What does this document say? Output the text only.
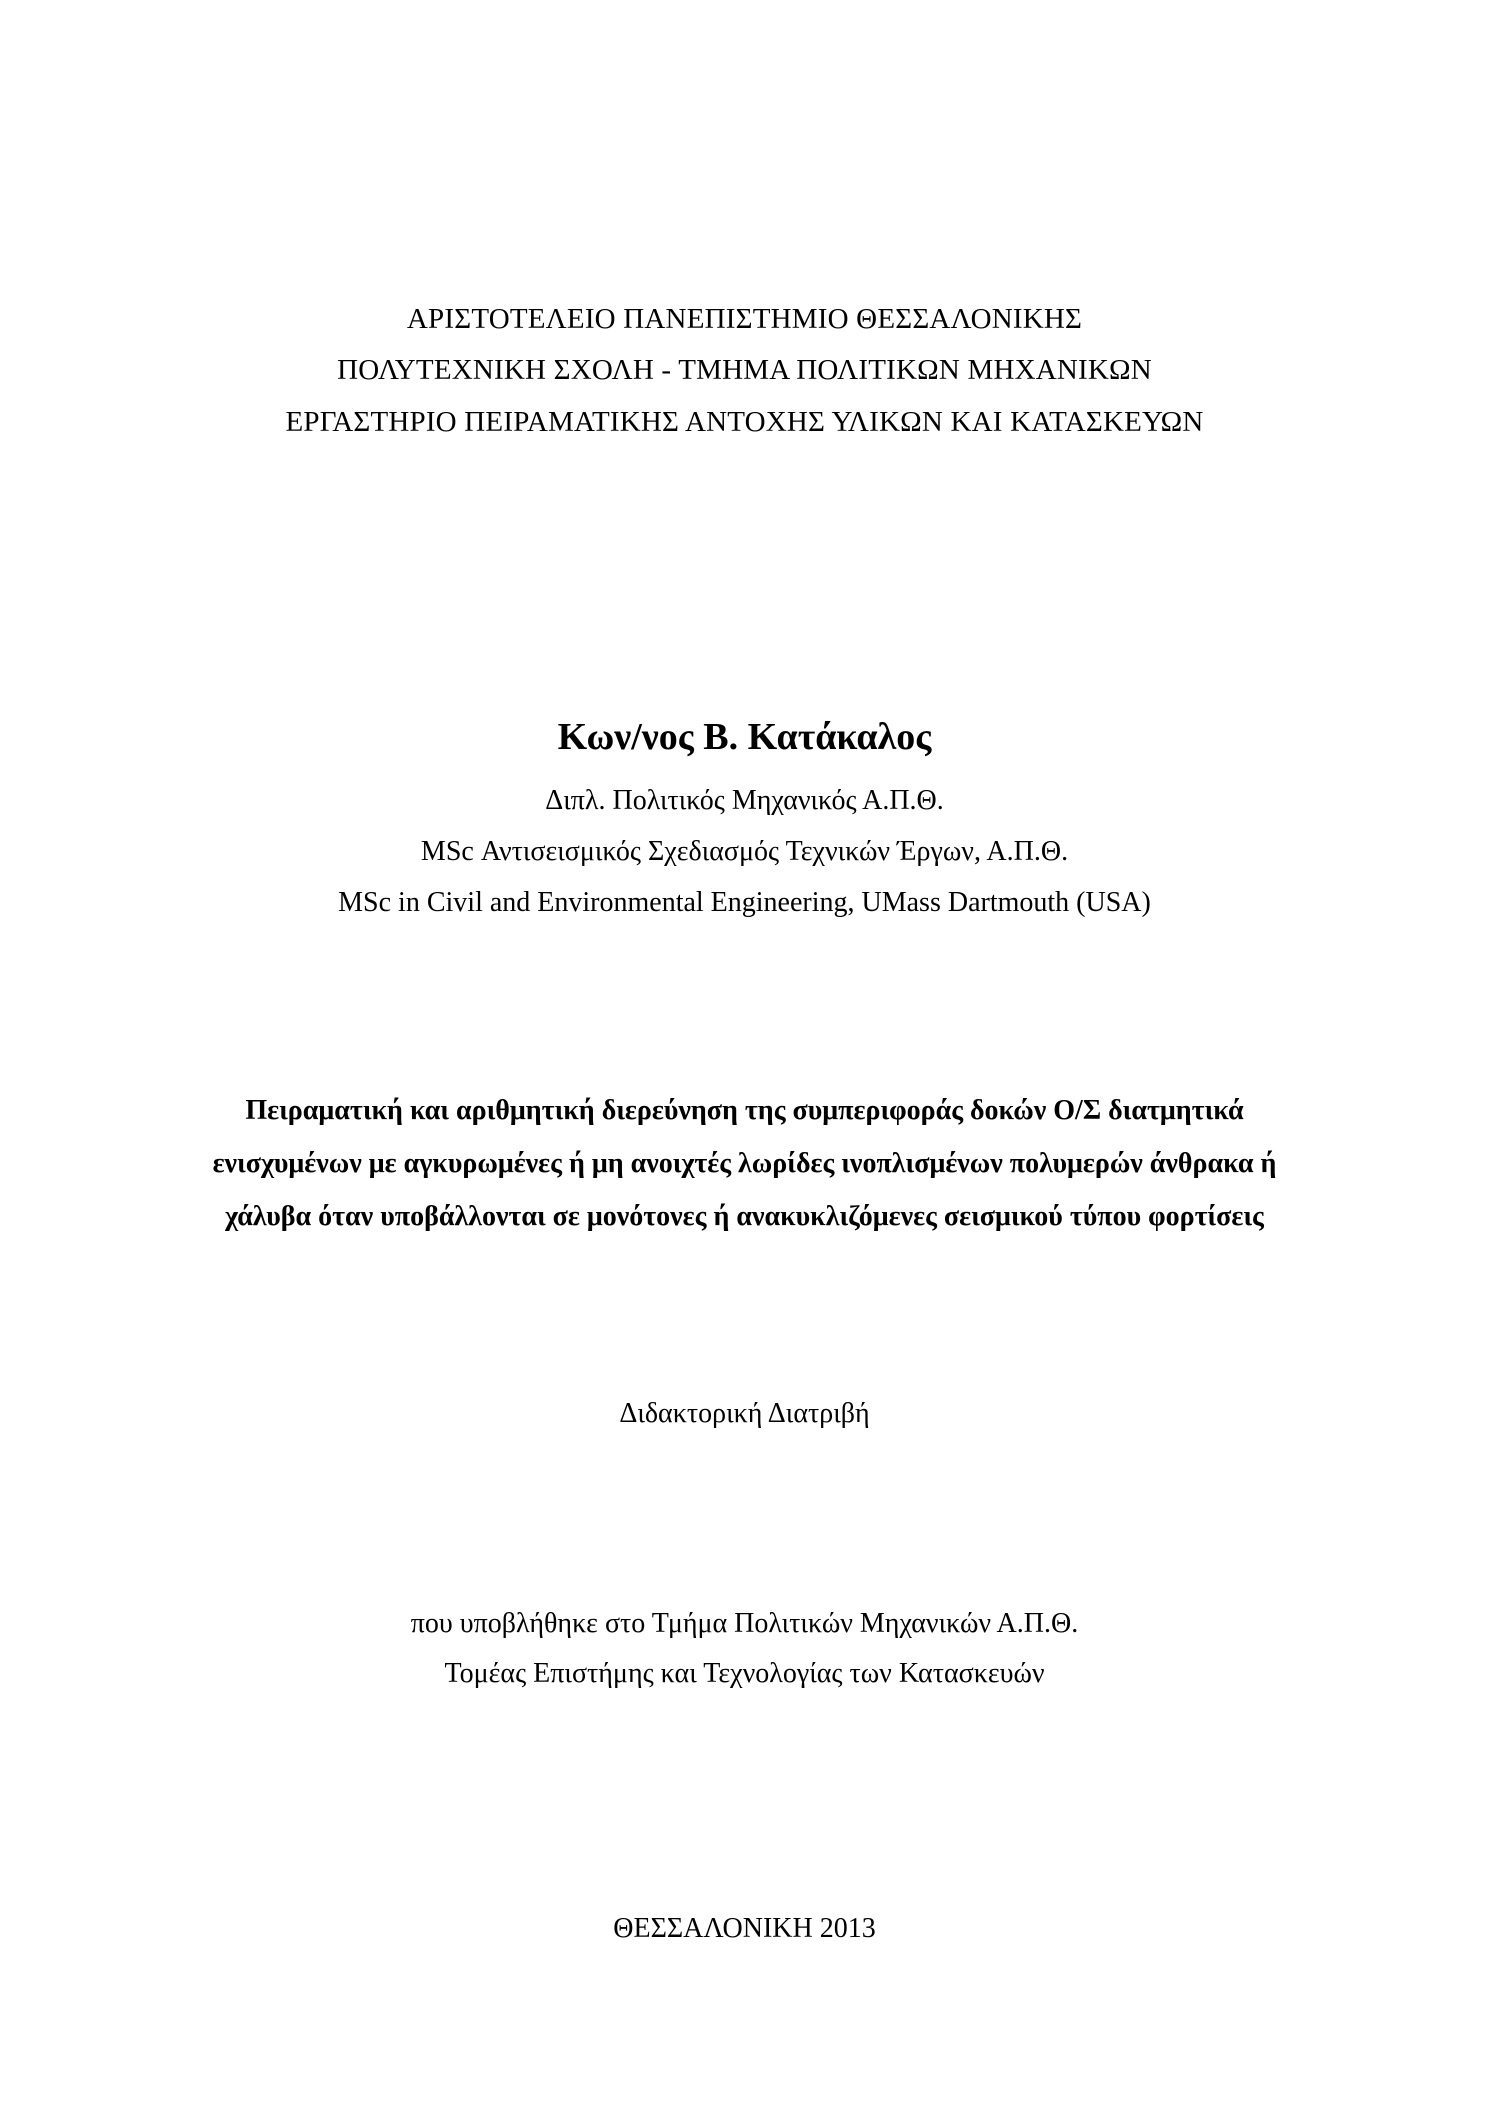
ΑΡΙΣΤΟΤΕΛΕΙΟ ΠΑΝΕΠΙΣΤΗΜΙΟ ΘΕΣΣΑΛΟΝΙΚΗΣ
ΠΟΛΥΤΕΧΝΙΚΗ ΣΧΟΛΗ - ΤΜΗΜΑ ΠΟΛΙΤΙΚΩΝ ΜΗΧΑΝΙΚΩΝ
ΕΡΓΑΣΤΗΡΙΟ ΠΕΙΡΑΜΑΤΙΚΗΣ ΑΝΤΟΧΗΣ ΥΛΙΚΩΝ ΚΑΙ ΚΑΤΑΣΚΕΥΩΝ
Κων/νος Β. Κατάκαλος
Διπλ. Πολιτικός Μηχανικός Α.Π.Θ.
MSc Αντισεισμικός Σχεδιασμός Τεχνικών Έργων, Α.Π.Θ.
MSc in Civil and Environmental Engineering, UMass Dartmouth (USA)
Πειραματική και αριθμητική διερεύνηση της συμπεριφοράς δοκών Ο/Σ διατμητικά
ενισχυμένων με αγκυρωμένες ή μη ανοιχτές λωρίδες ινοπλισμένων πολυμερών άνθρακα ή
χάλυβα όταν υποβάλλονται σε μονότονες ή ανακυκλιζόμενες σεισμικού τύπου φορτίσεις
Διδακτορική Διατριβή
που υποβλήθηκε στο Τμήμα Πολιτικών Μηχανικών Α.Π.Θ.
Τομέας Επιστήμης και Τεχνολογίας των Κατασκευών
ΘΕΣΣΑΛΟΝΙΚΗ 2013
